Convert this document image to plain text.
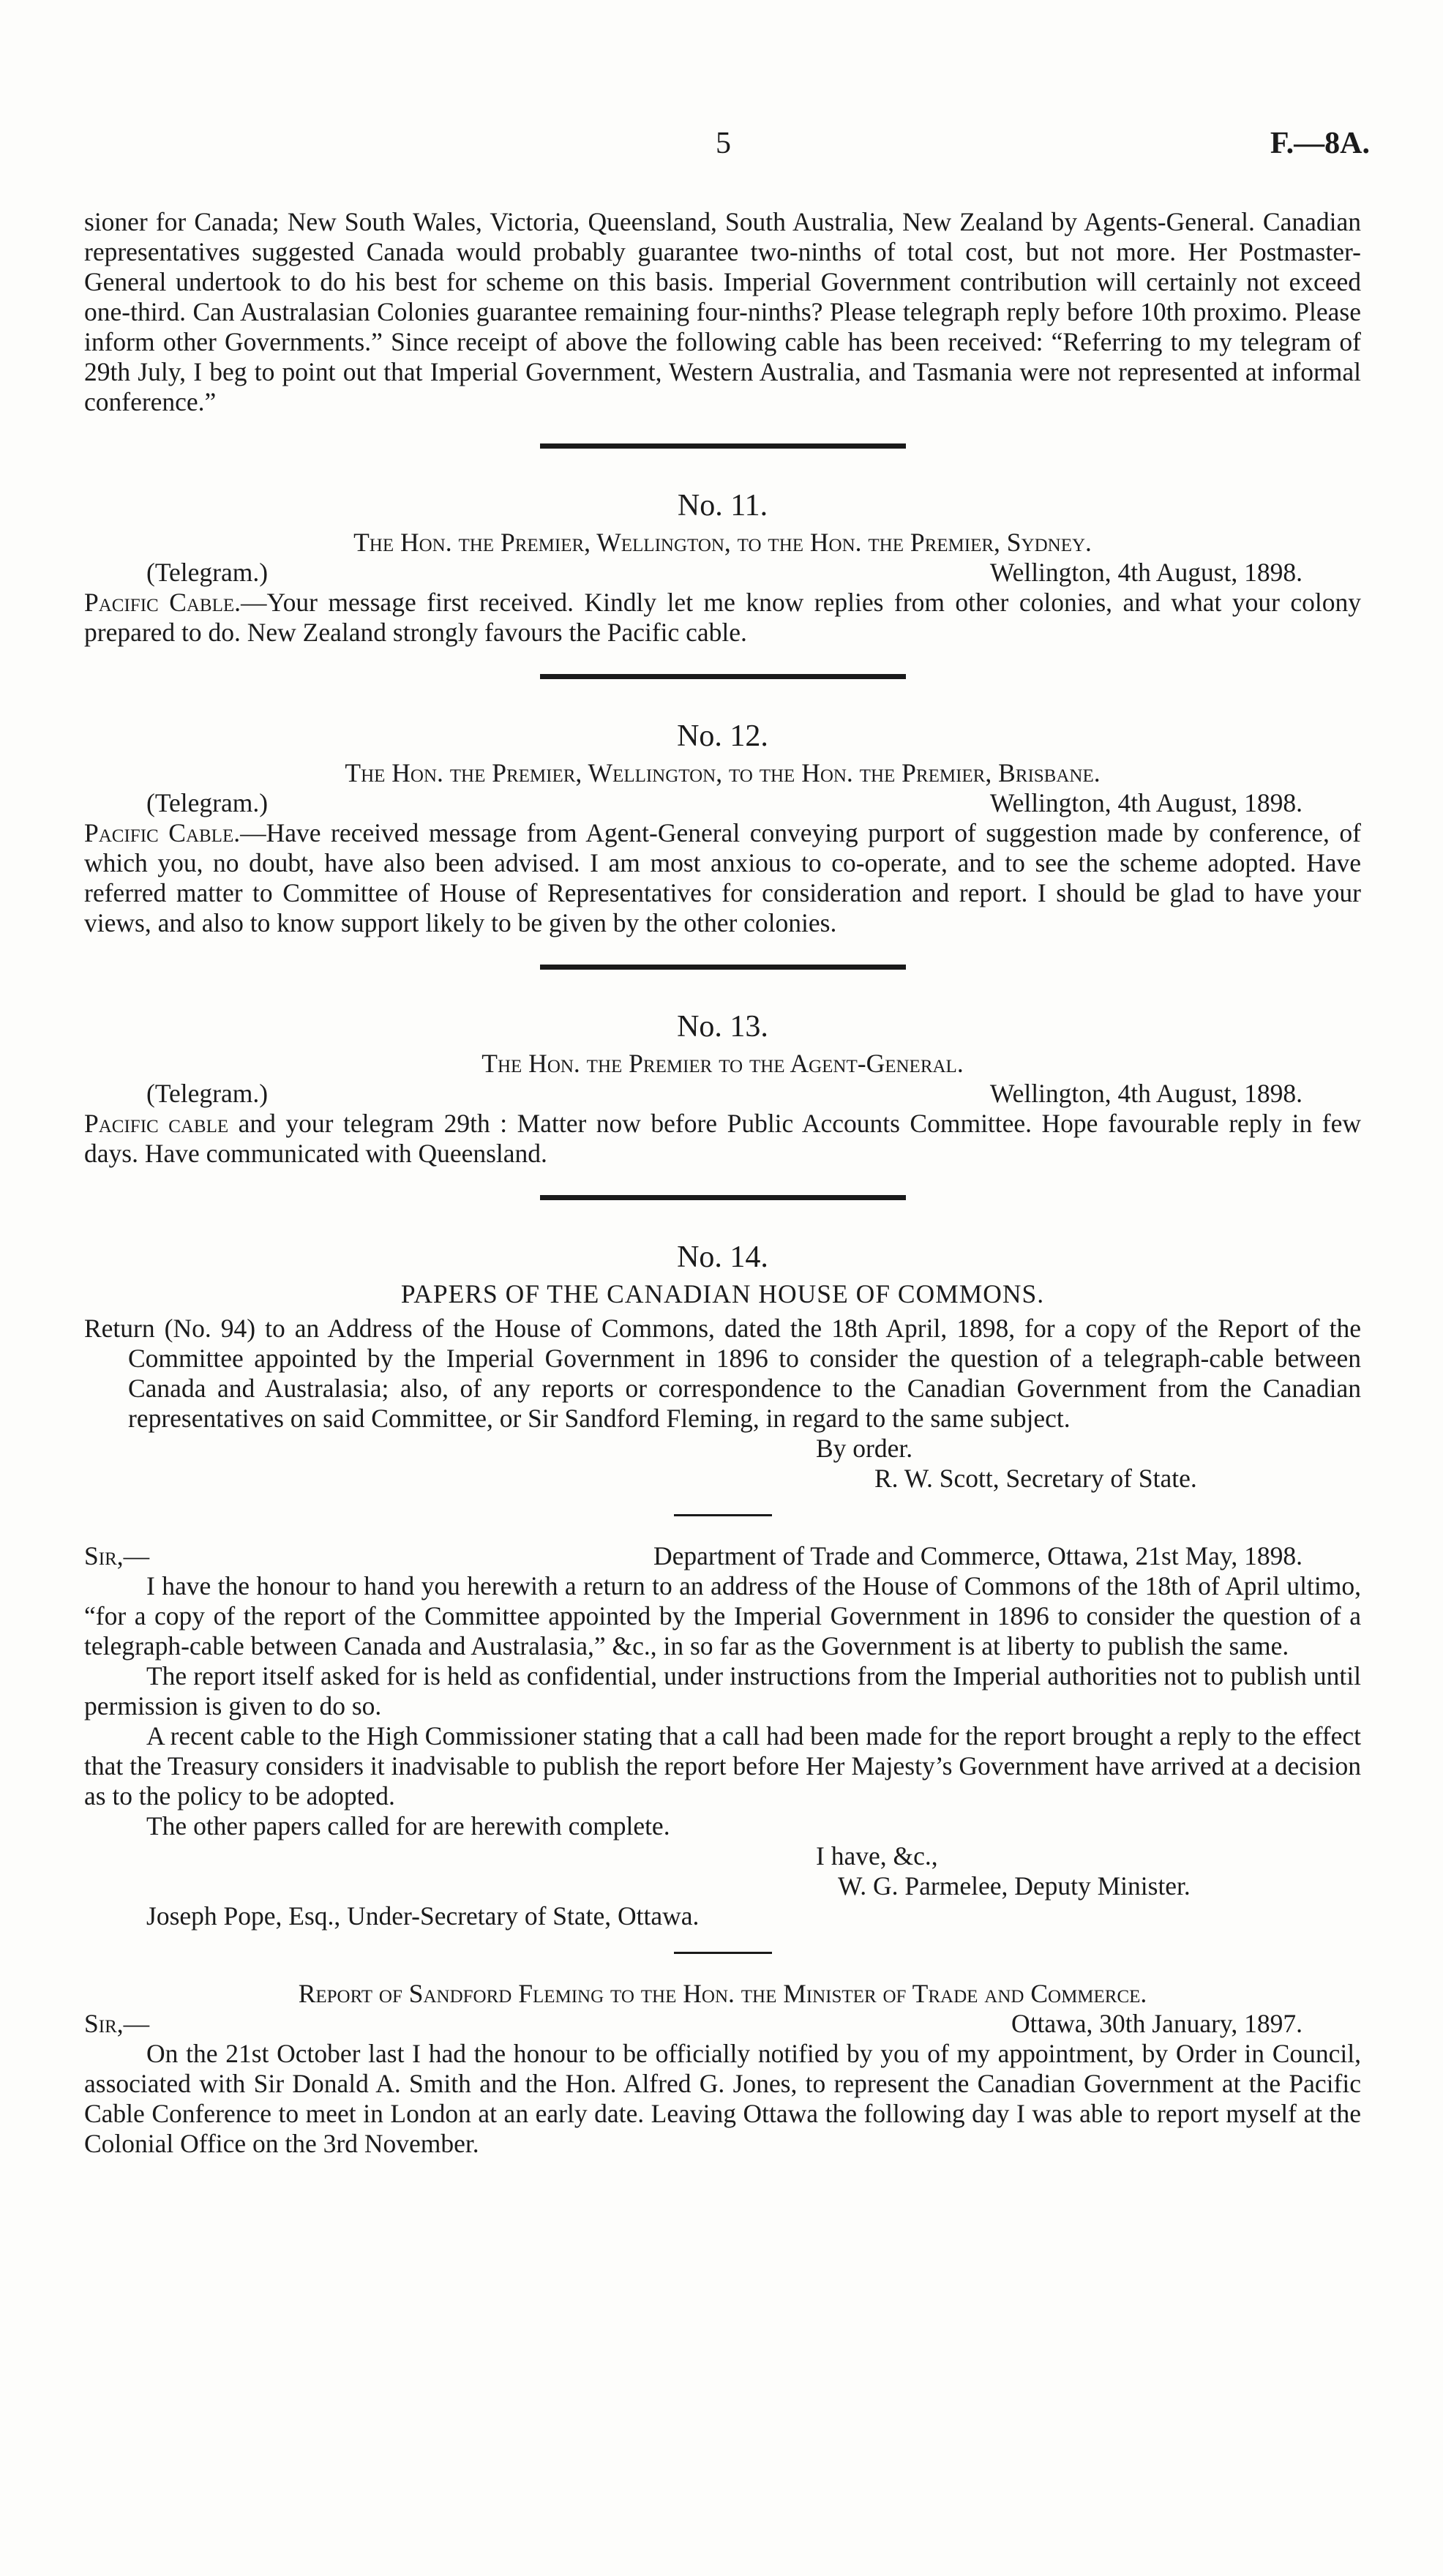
5	F.—8A.

sioner for Canada; New South Wales, Victoria, Queensland, South Australia, New Zealand by Agents-General. Canadian representatives suggested Canada would probably guarantee two-ninths of total cost, but not more. Her Postmaster-General undertook to do his best for scheme on this basis. Imperial Government contribution will certainly not exceed one-third. Can Australasian Colonies guarantee remaining four-ninths? Please telegraph reply before 10th proximo. Please inform other Governments.” Since receipt of above the following cable has been received: “Referring to my telegram of 29th July, I beg to point out that Imperial Government, Western Australia, and Tasmania were not represented at informal conference.”

No. 11.
The Hon. the Premier, Wellington, to the Hon. the Premier, Sydney.
(Telegram.)	Wellington, 4th August, 1898.

Pacific Cable.—Your message first received. Kindly let me know replies from other colonies, and what your colony prepared to do. New Zealand strongly favours the Pacific cable.

No. 12.
The Hon. the Premier, Wellington, to the Hon. the Premier, Brisbane.
(Telegram.)	Wellington, 4th August, 1898.

Pacific Cable.—Have received message from Agent-General conveying purport of suggestion made by conference, of which you, no doubt, have also been advised. I am most anxious to co-operate, and to see the scheme adopted. Have referred matter to Committee of House of Representatives for consideration and report. I should be glad to have your views, and also to know support likely to be given by the other colonies.

No. 13.
The Hon. the Premier to the Agent-General.
(Telegram.)	Wellington, 4th August, 1898.

Pacific cable and your telegram 29th : Matter now before Public Accounts Committee. Hope favourable reply in few days. Have communicated with Queensland.

No. 14.
PAPERS OF THE CANADIAN HOUSE OF COMMONS.

Return (No. 94) to an Address of the House of Commons, dated the 18th April, 1898, for a copy of the Report of the Committee appointed by the Imperial Government in 1896 to consider the question of a telegraph-cable between Canada and Australasia; also, of any reports or correspondence to the Canadian Government from the Canadian representatives on said Committee, or Sir Sandford Fleming, in regard to the same subject.

By order.
R. W. Scott, Secretary of State.
Sir,—	Department of Trade and Commerce, Ottawa, 21st May, 1898.

I have the honour to hand you herewith a return to an address of the House of Commons of the 18th of April ultimo, “for a copy of the report of the Committee appointed by the Imperial Government in 1896 to consider the question of a telegraph-cable between Canada and Australasia,” &c., in so far as the Government is at liberty to publish the same.

The report itself asked for is held as confidential, under instructions from the Imperial authorities not to publish until permission is given to do so.

A recent cable to the High Commissioner stating that a call had been made for the report brought a reply to the effect that the Treasury considers it inadvisable to publish the report before Her Majesty’s Government have arrived at a decision as to the policy to be adopted.

The other papers called for are herewith complete.

I have, &c.,
W. G. Parmelee, Deputy Minister.
Joseph Pope, Esq., Under-Secretary of State, Ottawa.
Report of Sandford Fleming to the Hon. the Minister of Trade and Commerce.
Sir,—	Ottawa, 30th January, 1897.

On the 21st October last I had the honour to be officially notified by you of my appointment, by Order in Council, associated with Sir Donald A. Smith and the Hon. Alfred G. Jones, to represent the Canadian Government at the Pacific Cable Conference to meet in London at an early date. Leaving Ottawa the following day I was able to report myself at the Colonial Office on the 3rd November.
